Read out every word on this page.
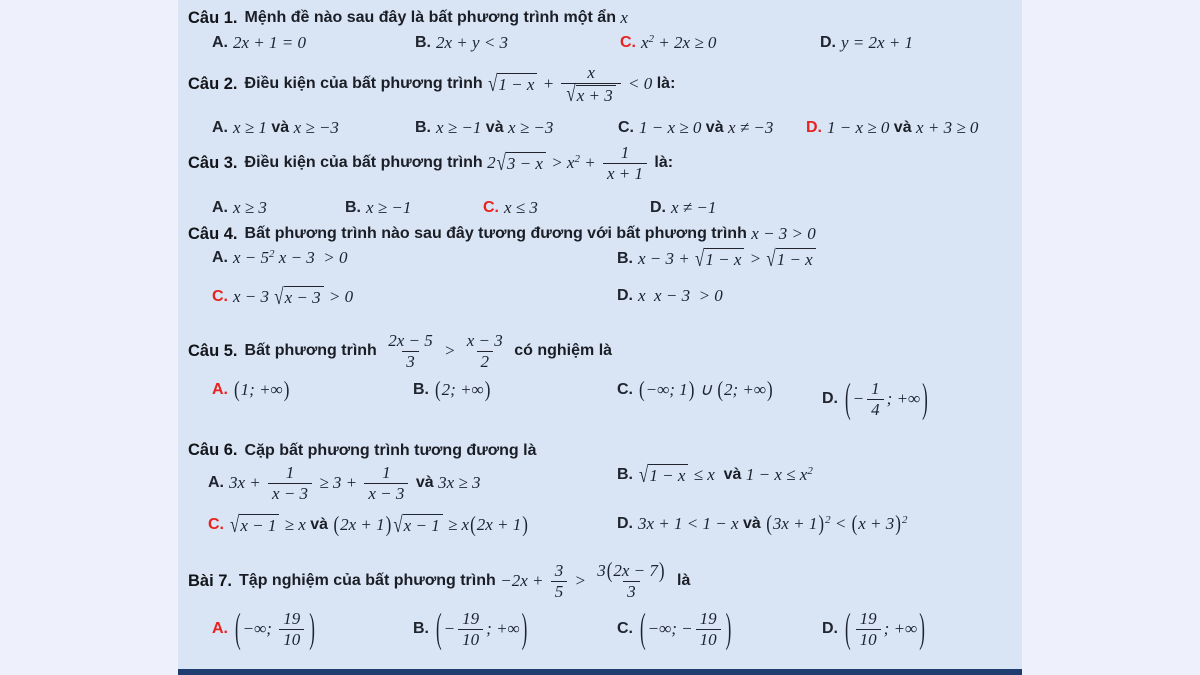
Câu 1. Mệnh đề nào sau đây là bất phương trình một ẩn x
A. 2x + 1 = 0	B. 2x + y < 3	C. x 2 + 2x ≥ 0	D. y = 2x + 1
Câu 2. Điều kiện của bất phương trình √ $1 - x + \frac{x}{√ x + 3} < 0$ là:
A. x ≥ 1 và x ≥ −3	B. x ≥ −1 và x ≥ −3	C. 1 − x ≥ 0 và x ≠ −3 D. 1 − x ≥ 0 và x + 3 ≥ 0
Câu 3. Điều kiện của bất phương trình 2 √ 3 − x > x $2 + \frac{1}{x + 1}$ là:
A. x ≥ 3	B. x ≥ −1	C. x ≤ 3	D. x ≠ −1
Câu 4. Bất phương trình nào sau đây tương đương với bất phương trình x − 3 > 0
A. x − 5 2 x − 3  > 0	B. x − 3 + √ 1 − x > √ 1 − x
C. x − 3 √ x − 3 > 0	D. x  x − 3  > 0
Câu 5. Bất phương trình $\frac{2x - 5}{3} > \frac{x - 3}{2}$ có nghiệm là
A. ( 1; +∞ )	B. ( 2; +∞ )	C. ( −∞; 1 ) ∪ ( 2; +∞ )	D. ( − $\frac{1}{4}$ ; +∞ )
Câu 6. Cặp bất phương trình tương đương là
A. $3x + \frac{1}{x - 3} \ge 3 + \frac{1}{x - 3}$ và 3x ≥ 3	B. √ 1 − x ≤ x và 1 − x ≤ x 2
C. √ x − 1 ≥ x và ( 2x + 1 ) √ x − 1 ≥ x ( 2x + 1 )	D. 3x + 1 < 1 − x và ( 3x + 1 ) 2 < ( x + 3 ) 2
Bài 7. Tập nghiệm của bất phương trình $-2x + \frac{3}{5} > \frac{3 ( 2x - 7 )}{3}$ là
A. ( −∞; $\frac{19}{10}$ )	B. ( − $\frac{19}{10}$ ; +∞ )	C. ( −∞; − $\frac{19}{10}$ )	D. ( $\frac{19}{10}$ ; +∞ )
